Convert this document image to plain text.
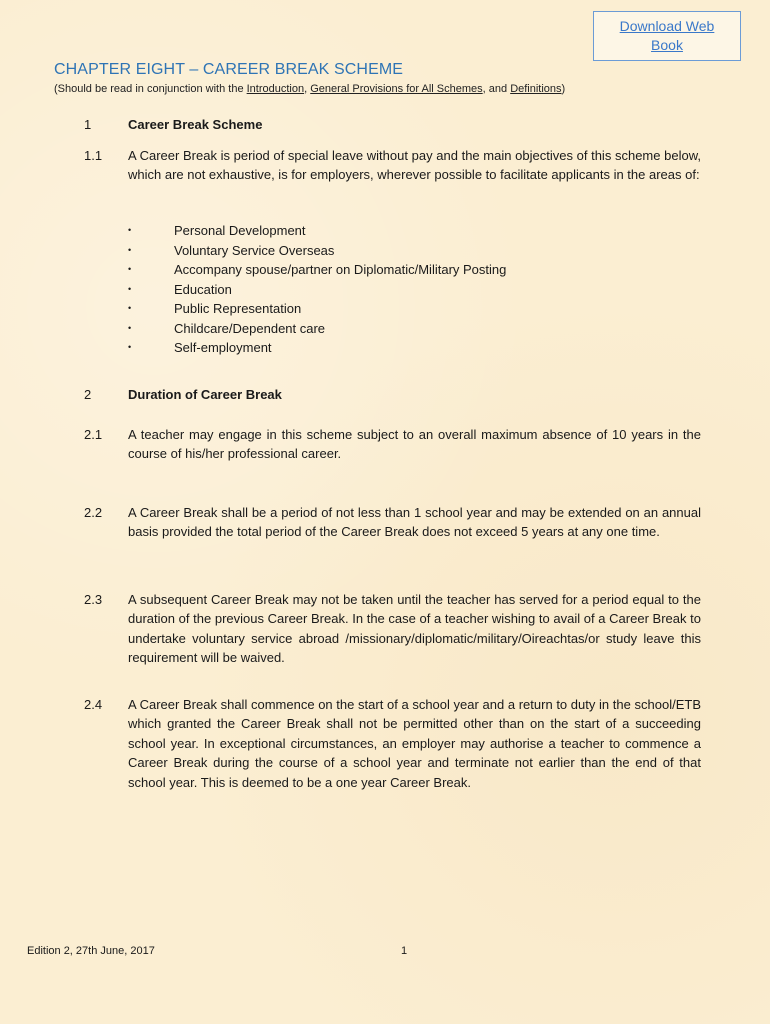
Download Web
Book
CHAPTER EIGHT – CAREER BREAK SCHEME
(Should be read in conjunction with the Introduction, General Provisions for All Schemes, and Definitions)
1	Career Break Scheme
1.1 A Career Break is period of special leave without pay and the main objectives of this scheme below, which are not exhaustive, is for employers, wherever possible to facilitate applicants in the areas of:

•	Personal Development
•	Voluntary Service Overseas
•	Accompany spouse/partner on Diplomatic/Military Posting
•	Education
•	Public Representation
•	Childcare/Dependent care
•	Self-employment
2	Duration of Career Break
2.1 A teacher may engage in this scheme subject to an overall maximum absence of 10 years in the course of his/her professional career.

2.2 A Career Break shall be a period of not less than 1 school year and may be extended on an annual basis provided the total period of the Career Break does not exceed 5 years at any one time.

2.3 A subsequent Career Break may not be taken until the teacher has served for a period equal to the duration of the previous Career Break. In the case of a teacher wishing to avail of a Career Break to undertake voluntary service abroad /missionary/diplomatic/military/Oireachtas/or study leave this requirement will be waived.

2.4 A Career Break shall commence on the start of a school year and a return to duty in the school/ETB which granted the Career Break shall not be permitted other than on the start of a succeeding school year. In exceptional circumstances, an employer may authorise a teacher to commence a Career Break during the course of a school year and terminate not earlier than the end of that school year. This is deemed to be a one year Career Break.

Edition 2, 27th June, 2017	1
